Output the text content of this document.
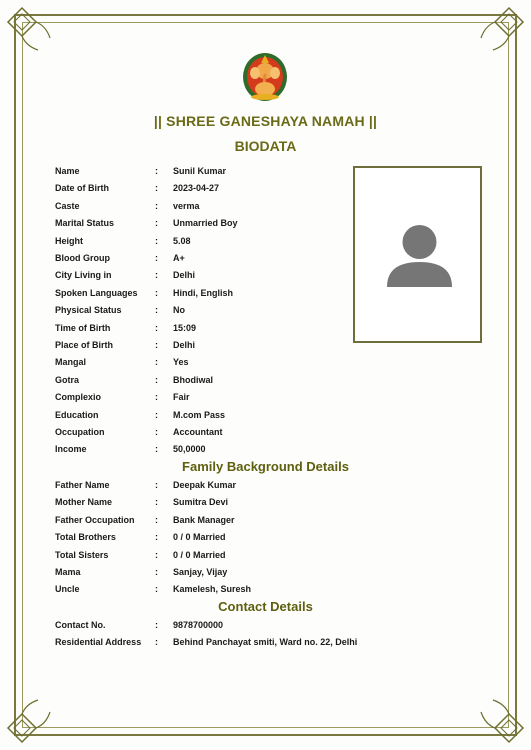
|| SHREE GANESHAYA NAMAH ||
BIODATA
Name	: Sunil Kumar
Date of Birth	: 2023-04-27
Caste	: verma
Marital Status	: Unmarried Boy
Height	: 5.08
Blood Group	: A+
City Living in	: Delhi
Spoken Languages : Hindi, English
Physical Status	: No
Time of Birth	: 15:09
Place of Birth	: Delhi
Mangal	: Yes
Gotra	: Bhodiwal
Complexio	: Fair
Education	: M.com Pass
Occupation	: Accountant
Income	: 50,0000
Family Background Details
Father Name	: Deepak Kumar
Mother Name	: Sumitra Devi
Father Occupation : Bank Manager
Total Brothers	: 0 / 0 Married
Total Sisters	: 0 / 0 Married
Mama	: Sanjay, Vijay
Uncle	: Kamelesh, Suresh
Contact Details
Contact No.	: 9878700000
Residential Address : Behind Panchayat smiti, Ward no. 22, Delhi
